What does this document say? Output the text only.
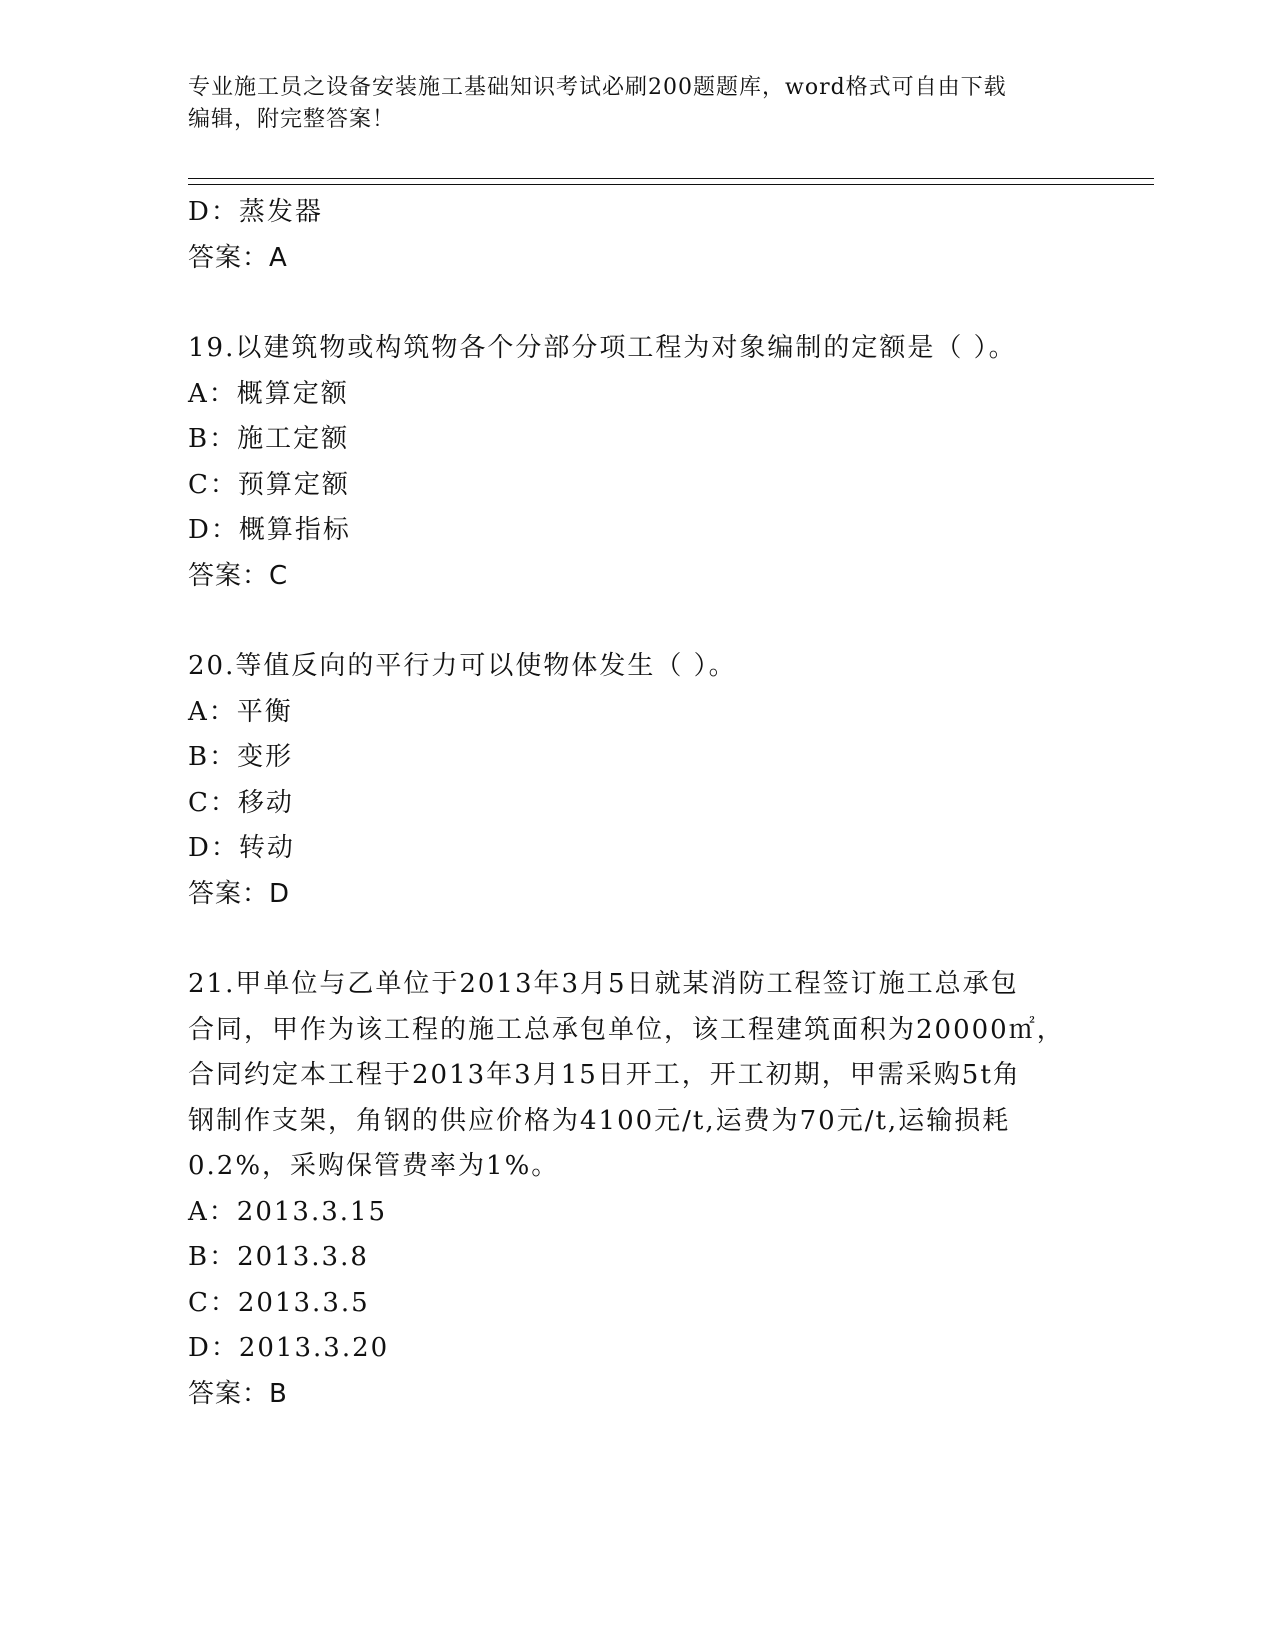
专业施工员之设备安装施工基础知识考试必刷200题题库，word格式可自由下载
编辑，附完整答案！
D：蒸发器
答案：A
19.以建筑物或构筑物各个分部分项工程为对象编制的定额是（ ）。
A：概算定额
B：施工定额
C：预算定额
D：概算指标
答案：C
20.等值反向的平行力可以使物体发生（ ）。
A：平衡
B：变形
C：移动
D：转动
答案：D
21.甲单位与乙单位于2013年3月5日就某消防工程签订施工总承包
合同，甲作为该工程的施工总承包单位，该工程建筑面积为20000㎡，
合同约定本工程于2013年3月15日开工，开工初期，甲需采购5t角
钢制作支架，角钢的供应价格为4100元/t,运费为70元/t,运输损耗
0.2%，采购保管费率为1%。
A：2013.3.15
B：2013.3.8
C：2013.3.5
D：2013.3.20
答案：B
